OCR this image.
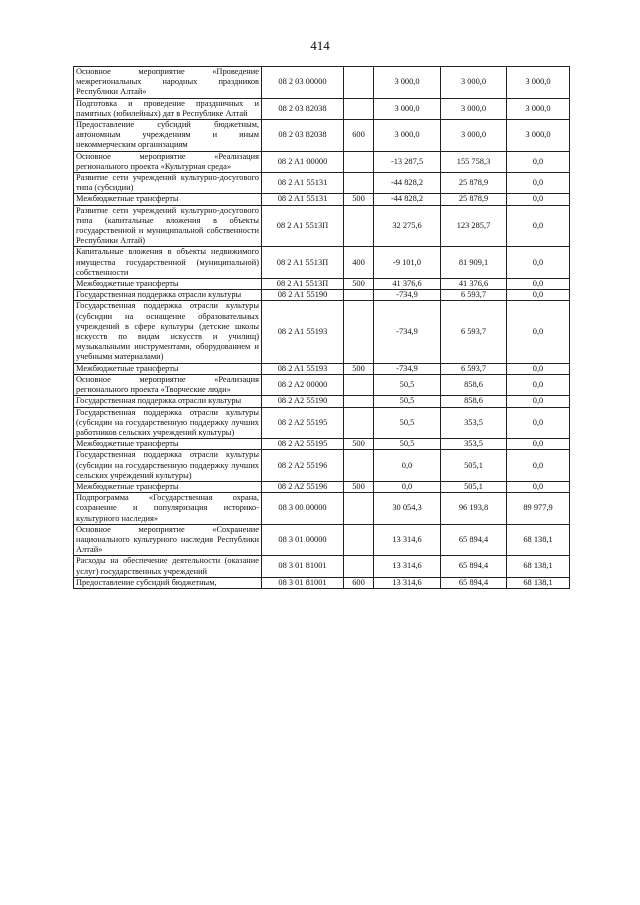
414
Основное мероприятие «Проведение межрегиональных народных праздников Республики Алтай»	08 2 03 00000		3 000,0	3 000,0	3 000,0
Подготовка и проведение праздничных и памятных (юбилейных) дат в Республике Алтай	08 2 03 82038		3 000,0	3 000,0	3 000,0
Предоставление субсидий бюджетным, автономным учреждениям и иным некоммерческим организациям	08 2 03 82038	600	3 000,0	3 000,0	3 000,0
Основное мероприятие «Реализация регионального проекта «Культурная среда»	08 2 A1 00000		-13 287,5	155 758,3	0,0
Развитие сети учреждений культурно-досугового типа (субсидии)	08 2 A1 55131		-44 828,2	25 878,9	0,0
Межбюджетные трансферты	08 2 A1 55131	500	-44 828,2	25 878,9	0,0
Развитие сети учреждений культурно-досугового типа (капитальные вложения в объекты государственной и муниципальной собственности Республики Алтай)	08 2 A1 5513П		32 275,6	123 285,7	0,0
Капитальные вложения в объекты недвижимого имущества государственной (муниципальной) собственности	08 2 A1 5513П	400	-9 101,0	81 909,1	0,0
Межбюджетные трансферты	08 2 A1 5513П	500	41 376,6	41 376,6	0,0
Государственная поддержка отрасли культуры	08 2 A1 55190		-734,9	6 593,7	0,0
Государственная поддержка отрасли культуры (субсидии на оснащение образовательных учреждений в сфере культуры (детские школы искусств по видам искусств и училищ) музыкальными инструментами, оборудованием и учебными материалами)	08 2 A1 55193		-734,9	6 593,7	0,0
Межбюджетные трансферты	08 2 A1 55193	500	-734,9	6 593,7	0,0
Основное мероприятие «Реализация регионального проекта «Творческие люди»	08 2 A2 00000		50,5	858,6	0,0
Государственная поддержка отрасли культуры	08 2 A2 55190		50,5	858,6	0,0
Государственная поддержка отрасли культуры (субсидии на государственную поддержку лучших работников сельских учреждений культуры)	08 2 A2 55195		50,5	353,5	0,0
Межбюджетные трансферты	08 2 A2 55195	500	50,5	353,5	0,0
Государственная поддержка отрасли культуры (субсидии на государственную поддержку лучших сельских учреждений культуры)	08 2 A2 55196		0,0	505,1	0,0
Межбюджетные трансферты	08 2 A2 55196	500	0,0	505,1	0,0
Подпрограмма «Государственная охрана, сохранение и популяризация историко-культурного наследия»	08 3 00 00000		30 054,3	96 193,8	89 977,9
Основное мероприятие «Сохранение национального культурного наследия Республики Алтай»	08 3 01 00000		13 314,6	65 894,4	68 138,1
Расходы на обеспечение деятельности (оказание услуг) государственных учреждений	08 3 01 81001		13 314,6	65 894,4	68 138,1
Предоставление субсидий бюджетным,	08 3 01 81001	600	13 314,6	65 894,4	68 138,1
